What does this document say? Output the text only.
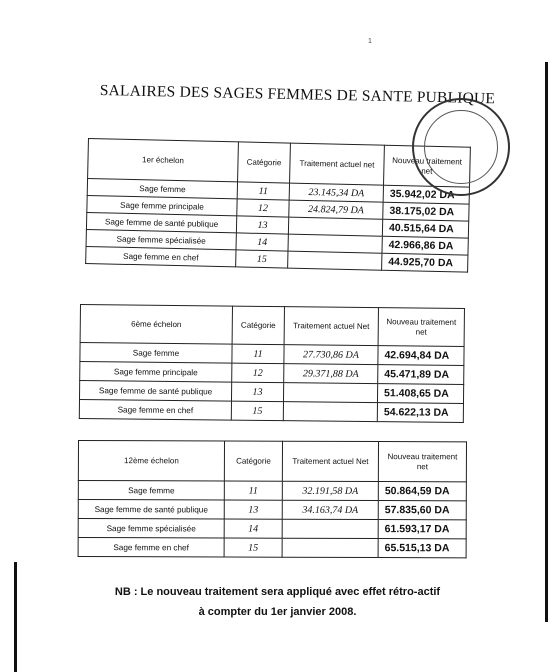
1
SALAIRES DES SAGES FEMMES DE SANTE PUBLIQUE
1er échelon	Catégorie	Traitement actuel net	Nouveau traitement net
Sage femme	11	23.145,34 DA	35.942,02 DA
Sage femme principale	12	24.824,79 DA	38.175,02 DA
Sage femme de santé publique	13		40.515,64 DA
Sage femme spécialisée	14		42.966,86 DA
Sage femme en chef	15		44.925,70 DA
6ème échelon	Catégorie	Traitement actuel Net	Nouveau traitement net
Sage femme	11	27.730,86 DA	42.694,84 DA
Sage femme principale	12	29.371,88 DA	45.471,89 DA
Sage femme de santé publique	13		51.408,65 DA
Sage femme en chef	15		54.622,13 DA
12ème échelon	Catégorie	Traitement actuel Net	Nouveau traitement net
Sage femme	11	32.191,58 DA	50.864,59 DA
Sage femme de santé publique	13	34.163,74 DA	57.835,60 DA
Sage femme spécialisée	14		61.593,17 DA
Sage femme en chef	15		65.515,13 DA
NB : Le nouveau traitement sera appliqué avec effet rétro-actif
à compter du 1er janvier 2008.
